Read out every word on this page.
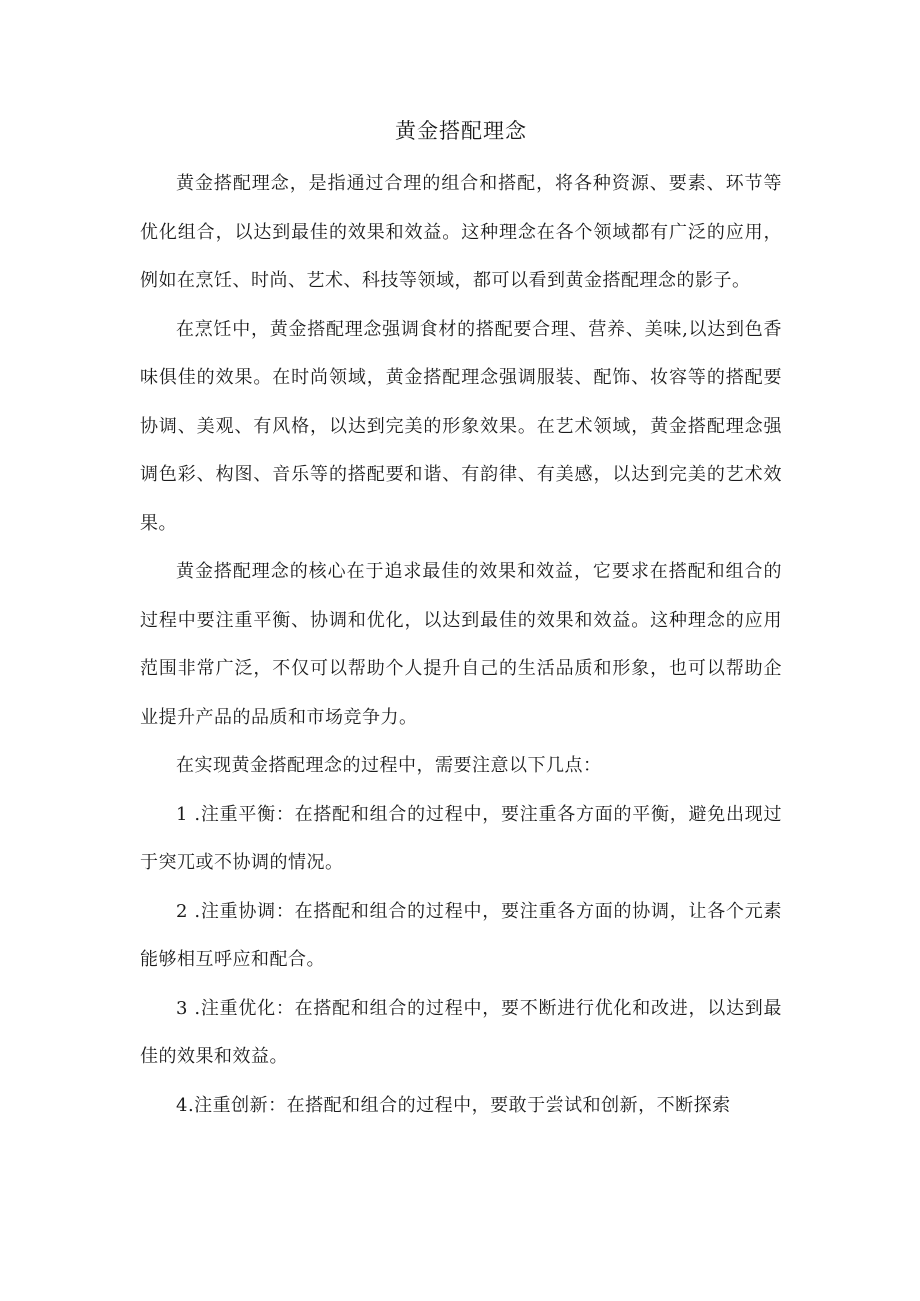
黄金搭配理念

黄金搭配理念，是指通过合理的组合和搭配，将各种资源、要素、环节等优化组合，以达到最佳的效果和效益。这种理念在各个领域都有广泛的应用，例如在烹饪、时尚、艺术、科技等领域，都可以看到黄金搭配理念的影子。

在烹饪中，黄金搭配理念强调食材的搭配要合理、营养、美味,以达到色香味俱佳的效果。在时尚领域，黄金搭配理念强调服装、配饰、妆容等的搭配要协调、美观、有风格，以达到完美的形象效果。在艺术领域，黄金搭配理念强调色彩、构图、音乐等的搭配要和谐、有韵律、有美感，以达到完美的艺术效果。

黄金搭配理念的核心在于追求最佳的效果和效益，它要求在搭配和组合的过程中要注重平衡、协调和优化，以达到最佳的效果和效益。这种理念的应用范围非常广泛，不仅可以帮助个人提升自己的生活品质和形象，也可以帮助企业提升产品的品质和市场竞争力。

在实现黄金搭配理念的过程中，需要注意以下几点：

1 .注重平衡：在搭配和组合的过程中，要注重各方面的平衡，避免出现过于突兀或不协调的情况。

2 .注重协调：在搭配和组合的过程中，要注重各方面的协调，让各个元素能够相互呼应和配合。

3 .注重优化：在搭配和组合的过程中，要不断进行优化和改进，以达到最佳的效果和效益。

4.注重创新：在搭配和组合的过程中，要敢于尝试和创新，不断探索
